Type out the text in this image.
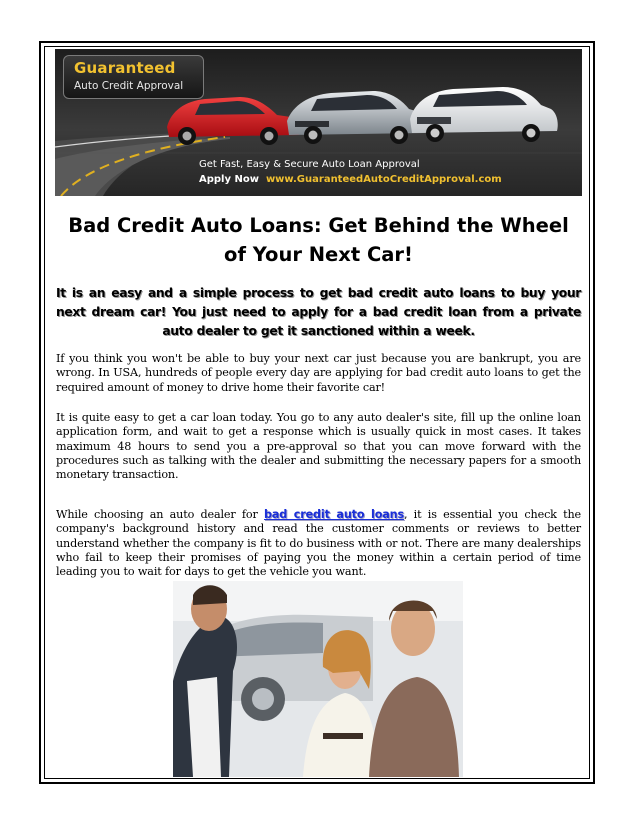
Guaranteed
Auto Credit Approval
Get Fast, Easy & Secure Auto Loan Approval
Apply Now www.GuaranteedAutoCreditApproval.com
Bad Credit Auto Loans: Get Behind the Wheel of Your Next Car!

It is an easy and a simple process to get bad credit auto loans to buy your next dream car! You just need to apply for a bad credit loan from a private auto dealer to get it sanctioned within a week.

If you think you won't be able to buy your next car just because you are bankrupt, you are wrong. In USA, hundreds of people every day are applying for bad credit auto loans to get the required amount of money to drive home their favorite car!

It is quite easy to get a car loan today. You go to any auto dealer's site, fill up the online loan application form, and wait to get a response which is usually quick in most cases. It takes maximum 48 hours to send you a pre-approval so that you can move forward with the procedures such as talking with the dealer and submitting the necessary papers for a smooth monetary transaction.

While choosing an auto dealer for bad credit auto loans, it is essential you check the company's background history and read the customer comments or reviews to better understand whether the company is fit to do business with or not. There are many dealerships who fail to keep their promises of paying you the money within a certain period of time leading you to wait for days to get the vehicle you want.
